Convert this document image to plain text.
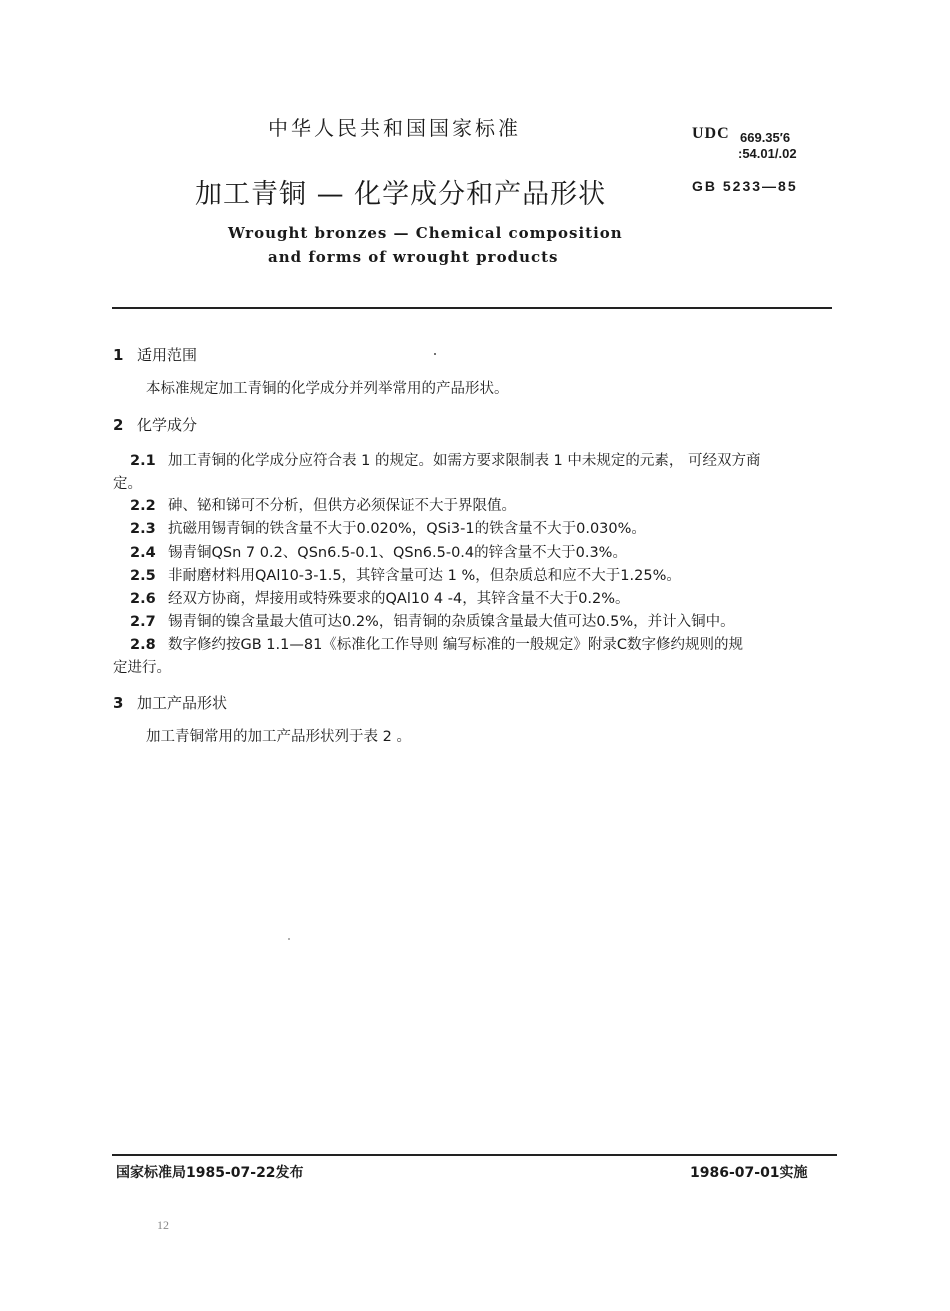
中华人民共和国国家标准	UDC 669.35′6
:54.01/.02
加工青铜 — 化学成分和产品形状	GB 5233—85
Wrought bronzes — Chemical composition
and forms of wrought products
1 适用范围
本标准规定加工青铜的化学成分并列举常用的产品形状。
2 化学成分
2.1 加工青铜的化学成分应符合表 1 的规定。如需方要求限制表 1 中未规定的元素， 可经双方商
定。
2.2 砷、铋和锑可不分析，但供方必须保证不大于界限值。
2.3 抗磁用锡青铜的铁含量不大于0.020%，QSi3-1的铁含量不大于0.030%。
2.4 锡青铜QSn 7 0.2、QSn6.5-0.1、QSn6.5-0.4的锌含量不大于0.3%。
2.5 非耐磨材料用QAl10-3-1.5，其锌含量可达 1 %，但杂质总和应不大于1.25%。
2.6 经双方协商，焊接用或特殊要求的QAl10 4 -4，其锌含量不大于0.2%。
2.7 锡青铜的镍含量最大值可达0.2%，铝青铜的杂质镍含量最大值可达0.5%，并计入铜中。
2.8 数字修约按GB 1.1—81《标准化工作导则 编写标准的一般规定》附录C数字修约规则的规
定进行。
3 加工产品形状
加工青铜常用的加工产品形状列于表 2 。
国家标准局1985-07-22发布	1986-07-01实施
12
